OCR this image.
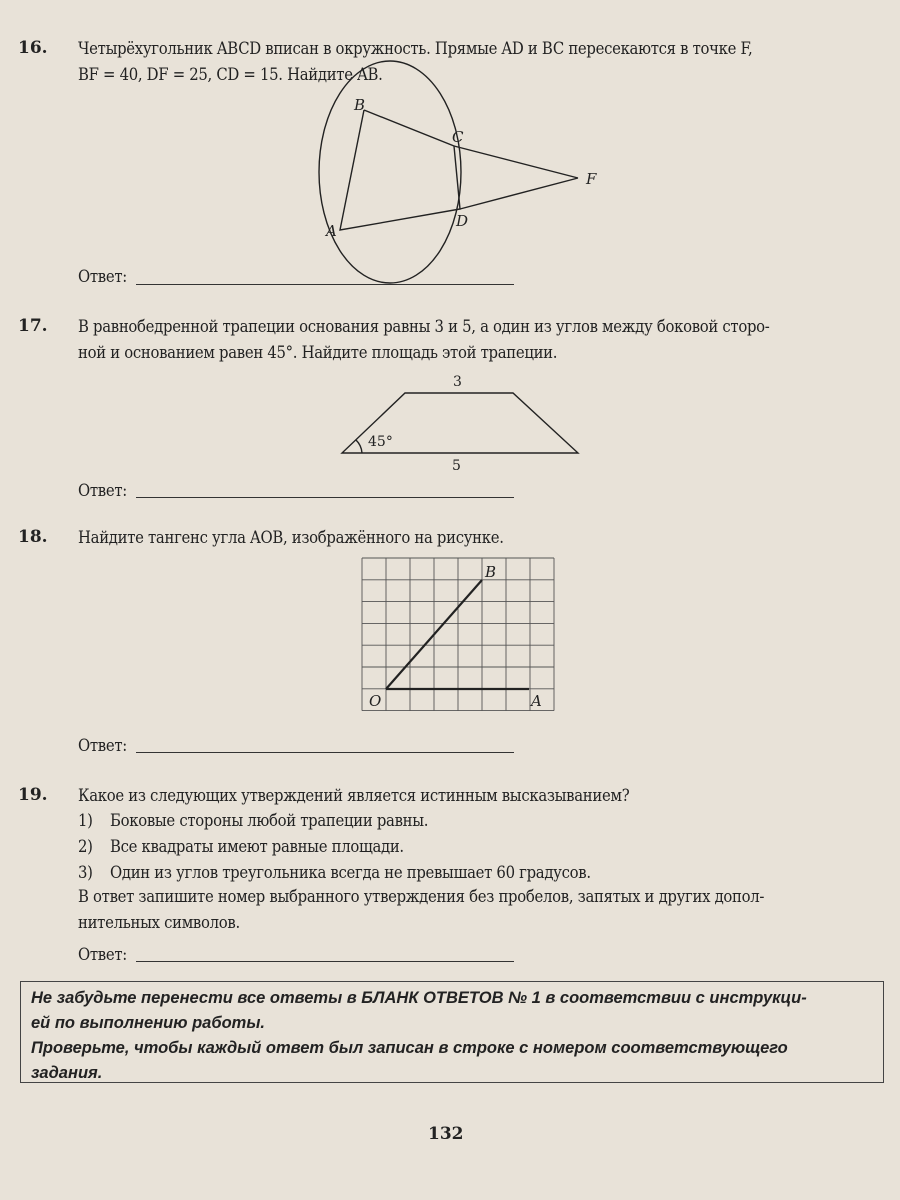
16. Четырёхугольник ABCD вписан в окружность. Прямые AD и BC пересекаются в точке F,
BF = 40, DF = 25, CD = 15. Найдите AB.
B
C
F
D
A
3
5
45°
O	A
B
Ответ:
17. В равнобедренной трапеции основания равны 3 и 5, а один из углов между боковой сторо-
ной и основанием равен 45°. Найдите площадь этой трапеции.
Ответ:
18. Найдите тангенс угла AOB, изображённого на рисунке.
Ответ:
19. Какое из следующих утверждений является истинным высказыванием?
1) Боковые стороны любой трапеции равны.
2) Все квадраты имеют равные площади.
3) Один из углов треугольника всегда не превышает 60 градусов.
В ответ запишите номер выбранного утверждения без пробелов, запятых и других допол-
нительных символов.
Ответ:

Не забудьте перенести все ответы в БЛАНК ОТВЕТОВ № 1 в соответствии с инструкци-

ей по выполнению работы.

Проверьте, чтобы каждый ответ был записан в строке с номером соответствующего

задания.

132
